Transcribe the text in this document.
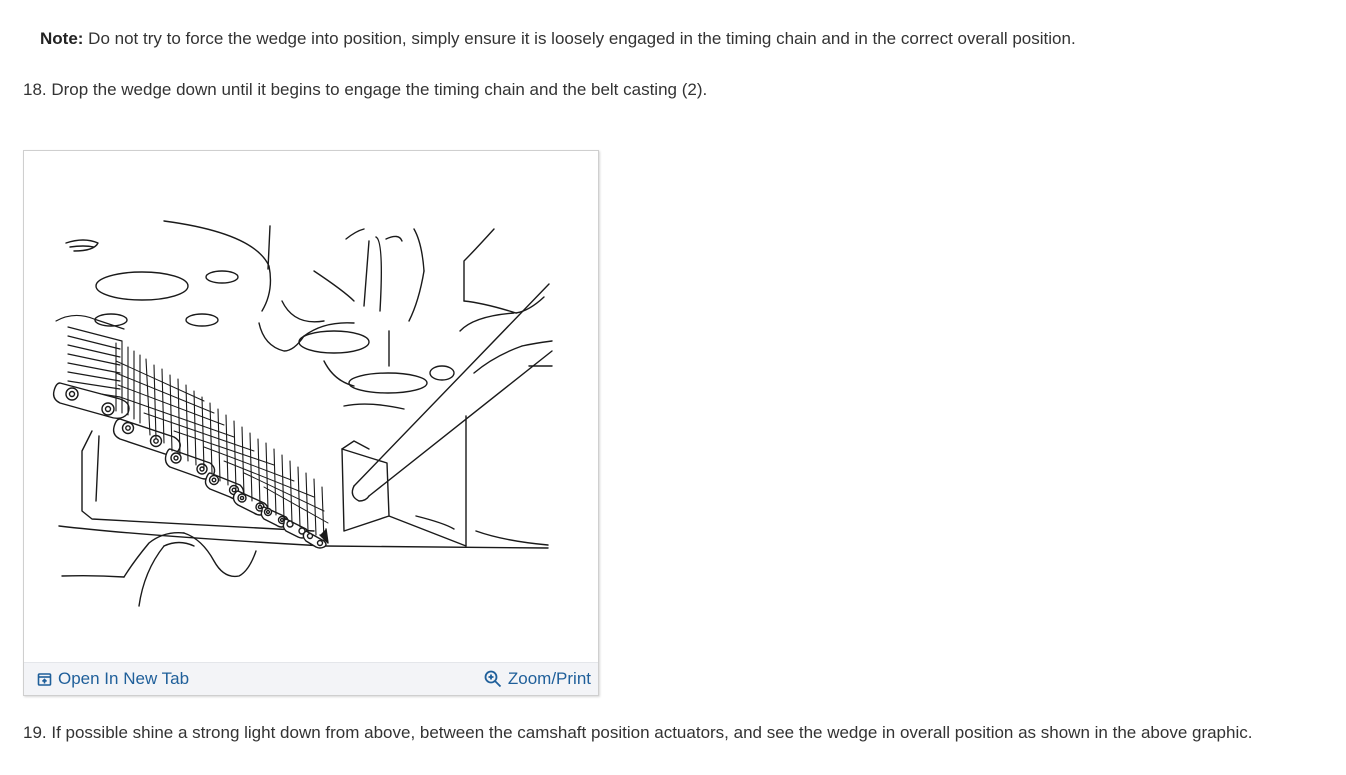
Note: Do not try to force the wedge into position, simply ensure it is loosely engaged in the timing chain and in the correct overall position.
18. Drop the wedge down until it begins to engage the timing chain and the belt casting (2).
Open In New Tab	Zoom/Print
19. If possible shine a strong light down from above, between the camshaft position actuators, and see the wedge in overall position as shown in the above graphic.
